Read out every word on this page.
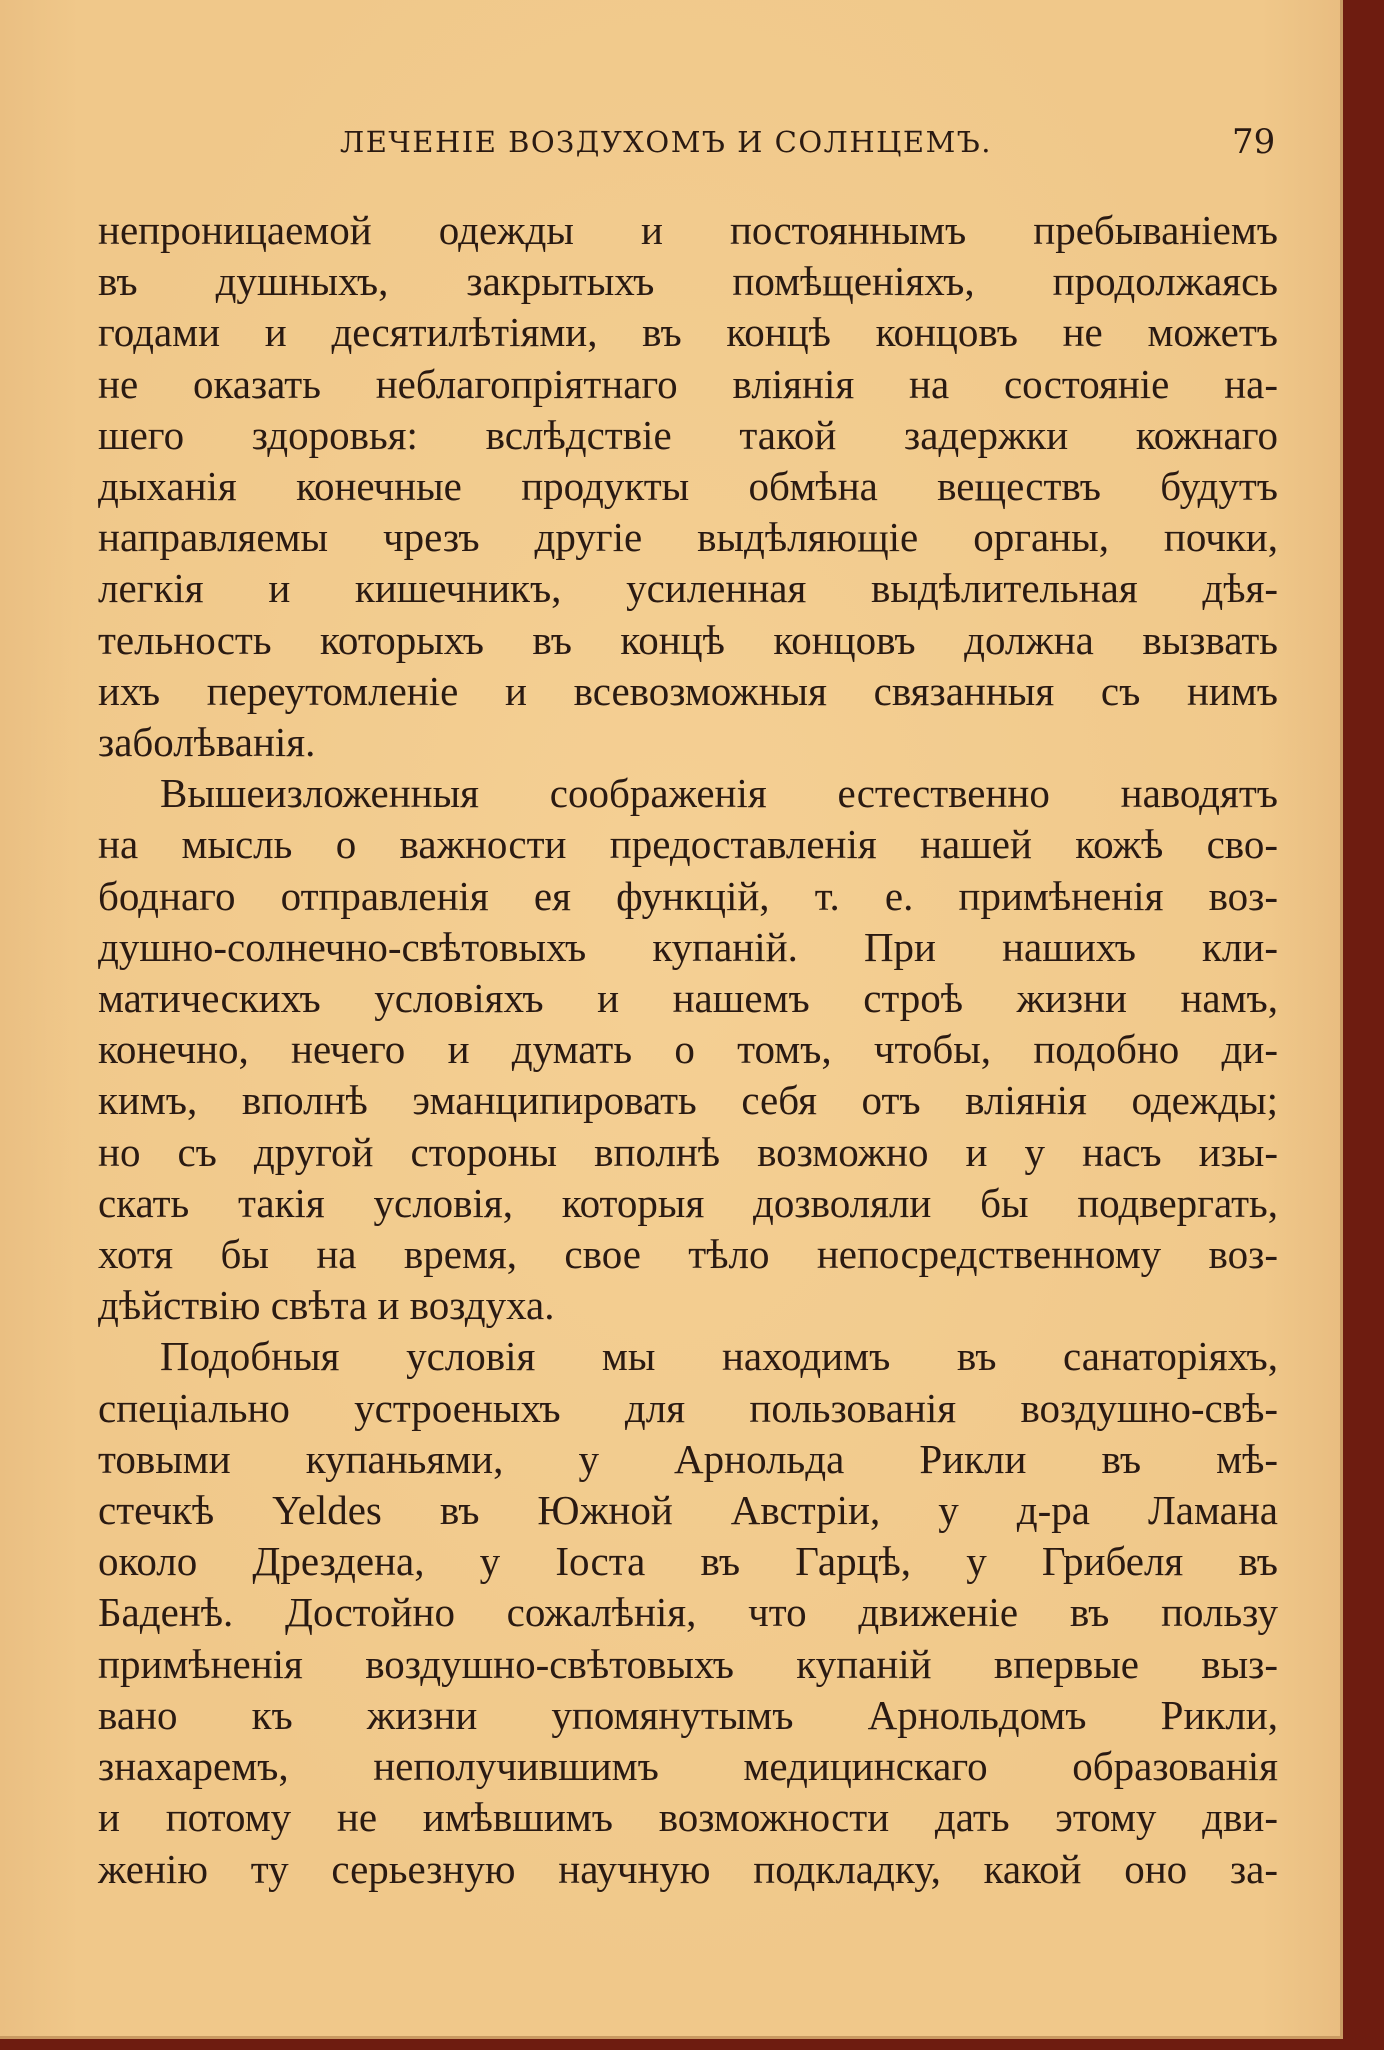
ЛЕЧЕНІЕ ВОЗДУХОМЪ И СОЛНЦЕМЪ.	79
непроницаемой одежды и постояннымъ пребываніемъ
въ душныхъ, закрытыхъ помѣщеніяхъ, продолжаясь
годами и десятилѣтіями, въ концѣ концовъ не можетъ
не оказать неблагопріятнаго вліянія на состояніе на-
шего здоровья: вслѣдствіе такой задержки кожнаго
дыханія конечные продукты обмѣна веществъ будутъ
направляемы чрезъ другіе выдѣляющіе органы, почки,
легкія и кишечникъ, усиленная выдѣлительная дѣя-
тельность которыхъ въ концѣ концовъ должна вызвать
ихъ переутомленіе и всевозможныя связанныя съ нимъ
заболѣванія.
Вышеизложенныя соображенія естественно наводятъ
на мысль о важности предоставленія нашей кожѣ сво-
боднаго отправленія ея функцій, т. е. примѣненія воз-
душно-солнечно-свѣтовыхъ купаній. При нашихъ кли-
матическихъ условіяхъ и нашемъ строѣ жизни намъ,
конечно, нечего и думать о томъ, чтобы, подобно ди-
кимъ, вполнѣ эманципировать себя отъ вліянія одежды;
но съ другой стороны вполнѣ возможно и у насъ изы-
скать такія условія, которыя дозволяли бы подвергать,
хотя бы на время, свое тѣло непосредственному воз-
дѣйствію свѣта и воздуха.
Подобныя условія мы находимъ въ санаторіяхъ,
спеціально устроеныхъ для пользованія воздушно-свѣ-
товыми купаньями, у Арнольда Рикли въ мѣ-
стечкѣ Yeldes въ Южной Австріи, у д-ра Ламана
около Дрездена, у Іоста въ Гарцѣ, у Грибеля въ
Баденѣ. Достойно сожалѣнія, что движеніе въ пользу
примѣненія воздушно-свѣтовыхъ купаній впервые выз-
вано къ жизни упомянутымъ Арнольдомъ Рикли,
знахаремъ, неполучившимъ медицинскаго образованія
и потому не имѣвшимъ возможности дать этому дви-
женію ту серьезную научную подкладку, какой оно за-
